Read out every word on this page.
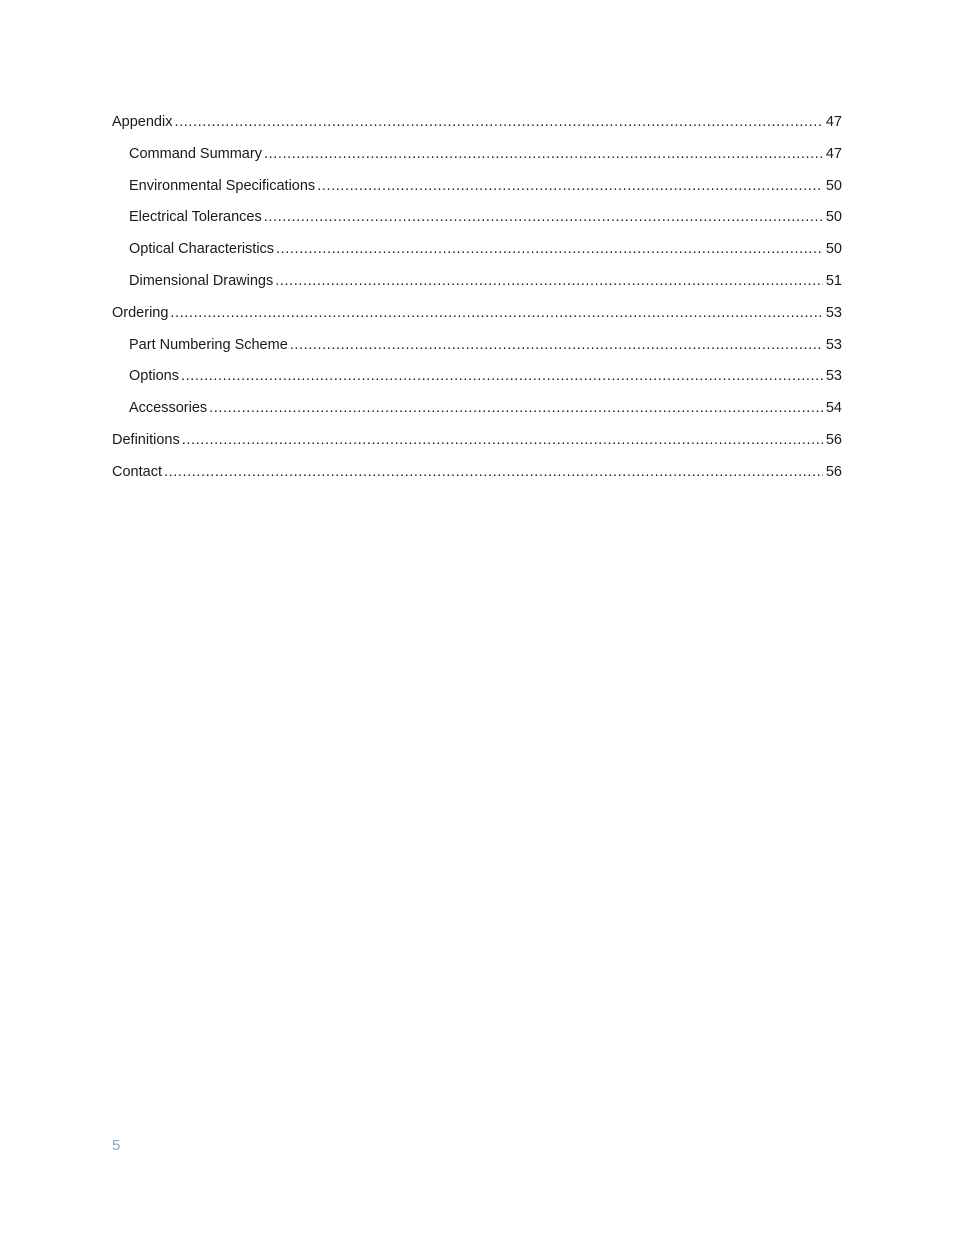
Appendix .....	47
Command Summary .....	47
Environmental Specifications .....	50
Electrical Tolerances .....	50
Optical Characteristics .....	50
Dimensional Drawings .....	51
Ordering .....	53
Part Numbering Scheme .....	53
Options .....	53
Accessories .....	54
Definitions .....	56
Contact .....	56
5
